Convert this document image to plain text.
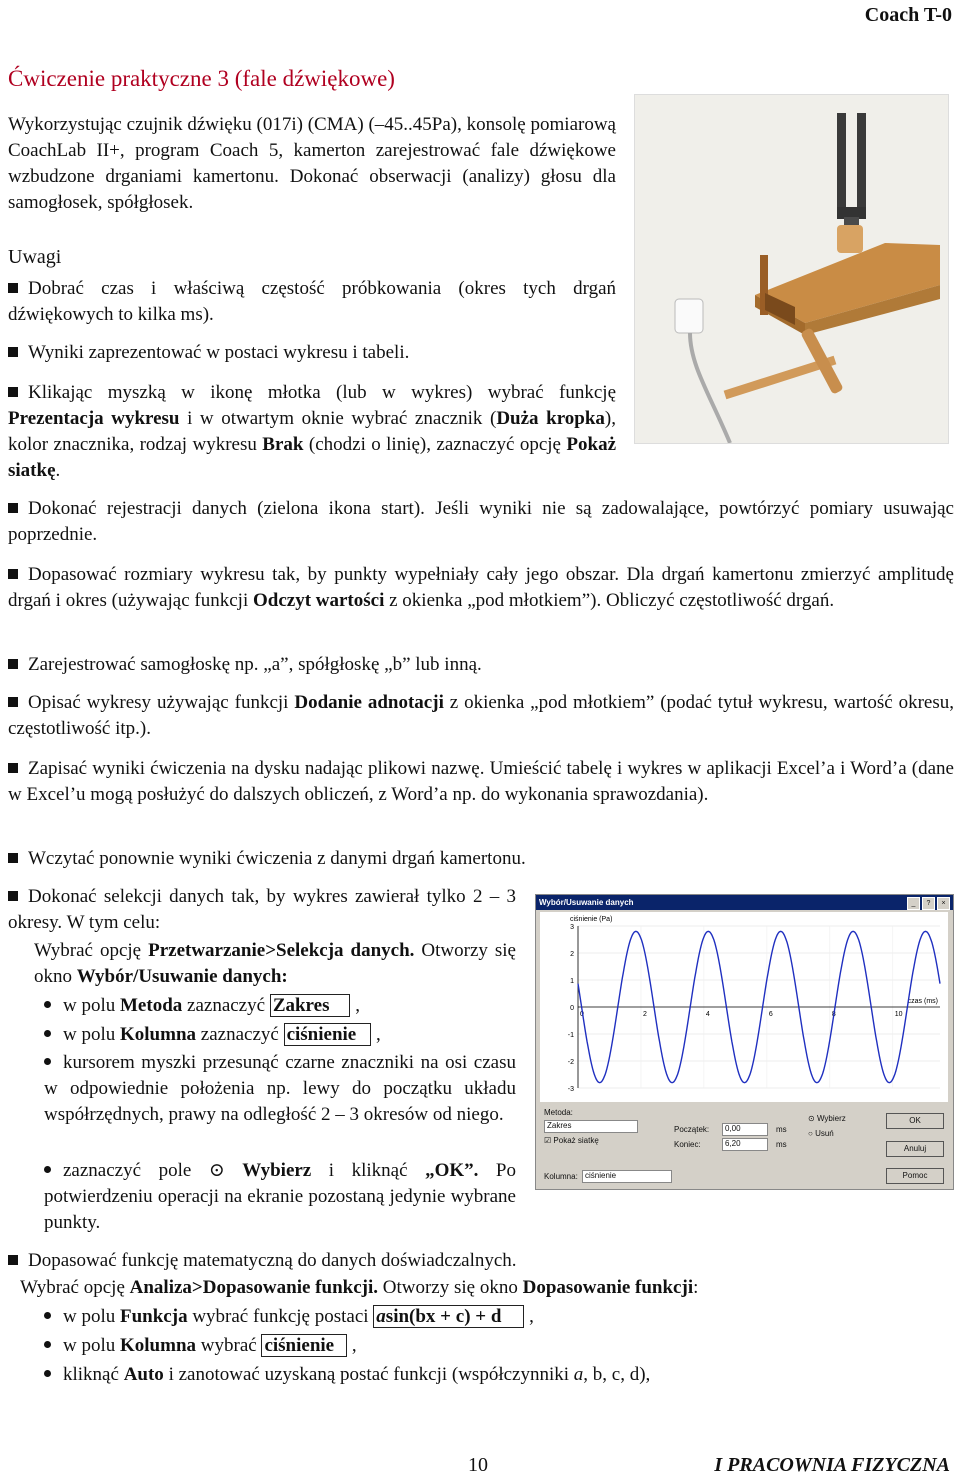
Coach T-0
Ćwiczenie praktyczne 3 (fale dźwiękowe)

Wykorzystując czujnik dźwięku (017i) (CMA) (–45..45Pa), konsolę pomiarową CoachLab II+, program Coach 5, kamerton zarejestrować fale dźwiękowe wzbudzone drganiami kamertonu. Dokonać obserwacji (analizy) głosu dla samogłosek, spółgłosek.

Uwagi

Dobrać czas i właściwą częstość próbkowania (okres tych drgań dźwiękowych to kilka ms).

Wyniki zaprezentować w postaci wykresu i tabeli.

Klikając myszką w ikonę młotka (lub w wykres) wybrać funkcję Prezentacja wykresu i w otwartym oknie wybrać znacznik (Duża kropka), kolor znacznika, rodzaj wykresu Brak (chodzi o linię), zaznaczyć opcję Pokaż siatkę.

Dokonać rejestracji danych (zielona ikona start). Jeśli wyniki nie są zadowalające, powtórzyć pomiary usuwając poprzednie.

Dopasować rozmiary wykresu tak, by punkty wypełniały cały jego obszar. Dla drgań kamertonu zmierzyć amplitudę drgań i okres (używając funkcji Odczyt wartości z okienka „pod młotkiem”). Obliczyć częstotliwość drgań.

Zarejestrować samogłoskę np. „a”, spółgłoskę „b” lub inną.

Opisać wykresy używając funkcji Dodanie adnotacji z okienka „pod młotkiem” (podać tytuł wykresu, wartość okresu, częstotliwość itp.).

Zapisać wyniki ćwiczenia na dysku nadając plikowi nazwę. Umieścić tabelę i wykres w aplikacji Excel’a i Word’a (dane w Excel’u mogą posłużyć do dalszych obliczeń, z Word’a np. do wykonania sprawozdania).

Wczytać ponownie wyniki ćwiczenia z danymi drgań kamertonu.

Dokonać selekcji danych tak, by wykres zawierał tylko 2 – 3 okresy. W tym celu:

Wybrać opcję Przetwarzanie>Selekcja danych. Otworzy się okno Wybór/Usuwanie danych:

w polu Metoda zaznaczyć Zakres ,

w polu Kolumna zaznaczyć ciśnienie ,

kursorem myszki przesunąć czarne znaczniki na osi czasu w odpowiednie położenia np. lewy do początku układu współrzędnych, prawy na odległość 2 – 3 okresów od niego.

zaznaczyć pole ⊙ Wybierz i kliknąć „OK”. Po potwierdzeniu operacji na ekranie pozostaną jedynie wybrane punkty.

Wybór/Usuwanie danych	_	?	×
-3
-2
-1
0
1
2
3
0	2	4	6	8	10
ciśnienie (Pa)
czas (ms)
Metoda:
Zakres
☑ Pokaż siatkę
Początek:	0,00	ms
Koniec:	6,20	ms
⊙ Wybierz
○ Usuń
OK
Anuluj
Pomoc
Kolumna: ciśnienie

Dopasować funkcję matematyczną do danych doświadczalnych.

Wybrać opcję Analiza>Dopasowanie funkcji. Otworzy się okno Dopasowanie funkcji:

w polu Funkcja wybrać funkcję postaci asin(bx + c) + d ,

w polu Kolumna wybrać ciśnienie ,

kliknąć Auto i zanotować uzyskaną postać funkcji (współczynniki a, b, c, d),

10	I PRACOWNIA FIZYCZNA
